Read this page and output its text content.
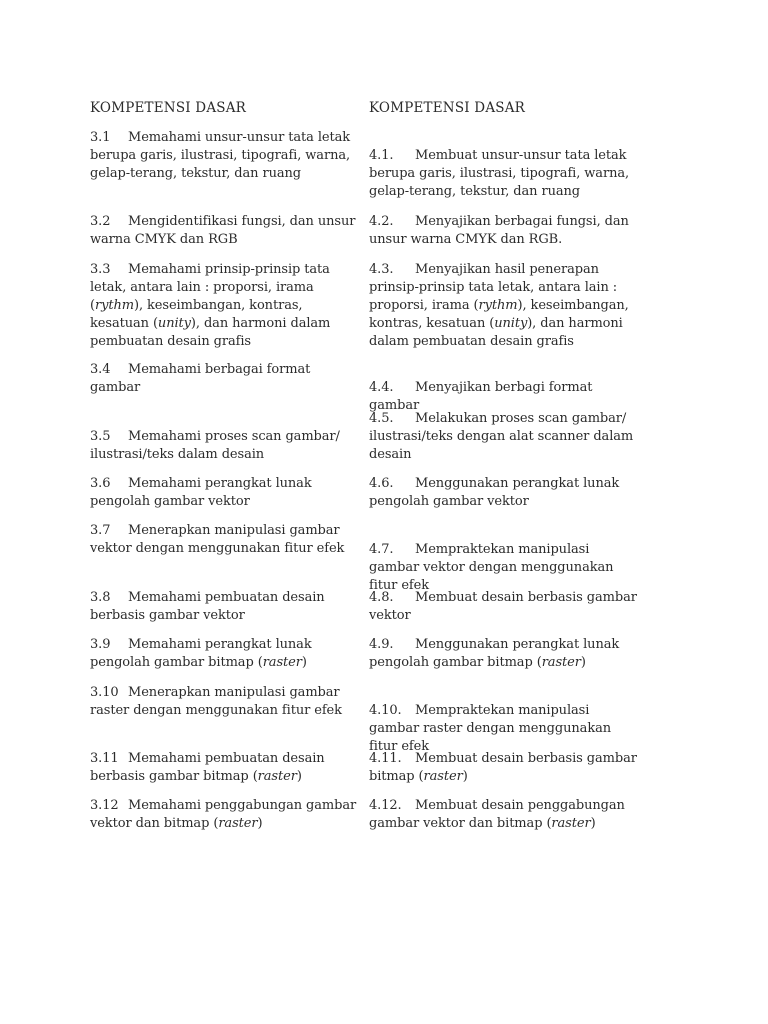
KOMPETENSI DASAR
3.1 Memahami unsur-unsur tata letak berupa garis, ilustrasi, tipografi, warna, gelap-terang, tekstur, dan ruang
3.2 Mengidentifikasi fungsi, dan unsur warna CMYK dan RGB
3.3 Memahami prinsip-prinsip tata letak, antara lain : proporsi, irama (rythm), keseimbangan, kontras, kesatuan (unity), dan harmoni dalam pembuatan desain grafis
3.4 Memahami berbagai format gambar
3.5 Memahami proses scan gambar/ ilustrasi/teks dalam desain
3.6 Memahami perangkat lunak pengolah gambar vektor
3.7 Menerapkan manipulasi gambar vektor dengan menggunakan fitur efek
3.8 Memahami pembuatan desain berbasis gambar vektor
3.9 Memahami perangkat lunak pengolah gambar bitmap (raster)
3.10 Menerapkan manipulasi gambar raster dengan menggunakan fitur efek
3.11 Memahami pembuatan desain berbasis gambar bitmap (raster)
3.12 Memahami penggabungan gambar vektor dan bitmap (raster)
KOMPETENSI DASAR
4.1. Membuat unsur-unsur tata letak berupa garis, ilustrasi, tipografi, warna, gelap-terang, tekstur, dan ruang
4.2. Menyajikan berbagai fungsi, dan unsur warna CMYK dan RGB.
4.3. Menyajikan hasil penerapan prinsip-prinsip tata letak, antara lain : proporsi, irama (rythm), keseimbangan, kontras, kesatuan (unity), dan harmoni dalam pembuatan desain grafis
4.4. Menyajikan berbagi format gambar
4.5. Melakukan proses scan gambar/ ilustrasi/teks dengan alat scanner dalam desain
4.6. Menggunakan perangkat lunak pengolah gambar vektor
4.7. Mempraktekan manipulasi gambar vektor dengan menggunakan fitur efek
4.8. Membuat desain berbasis gambar vektor
4.9. Menggunakan perangkat lunak pengolah gambar bitmap (raster)
4.10. Mempraktekan manipulasi gambar raster dengan menggunakan fitur efek
4.11. Membuat desain berbasis gambar bitmap (raster)
4.12. Membuat desain penggabungan gambar vektor dan bitmap (raster)
